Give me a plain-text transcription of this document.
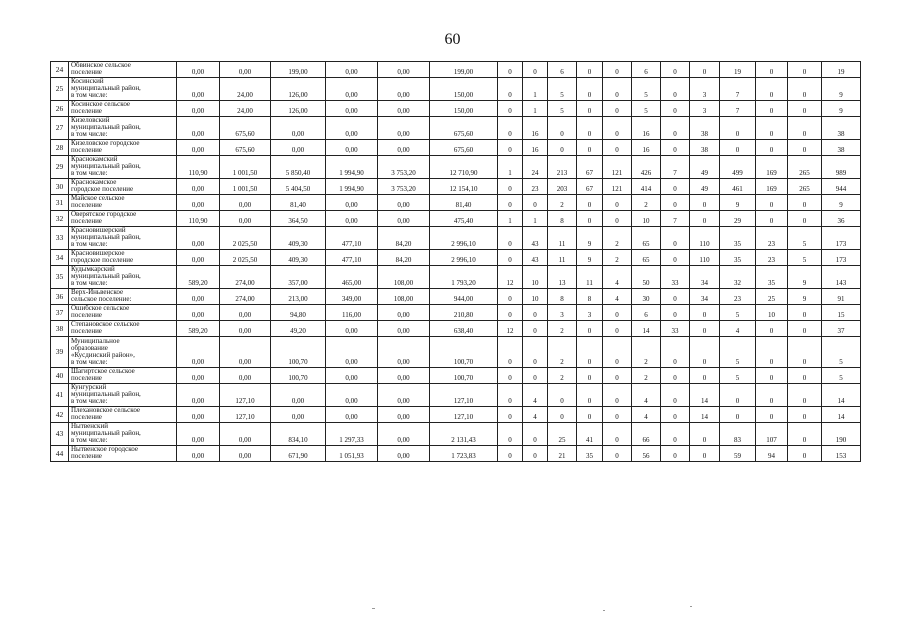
60
24	Обвинское сельское
поселение	0,00	0,00	199,00	0,00	0,00	199,00	0	0	6	0	0	6	0	0	19	0	0	19
25	Косинский
муниципальный район,
в том числе:	0,00	24,00	126,00	0,00	0,00	150,00	0	1	5	0	0	5	0	3	7	0	0	9
26	Косинское сельское
поселение	0,00	24,00	126,00	0,00	0,00	150,00	0	1	5	0	0	5	0	3	7	0	0	9
27	Кизеловский
муниципальный район,
в том числе:	0,00	675,60	0,00	0,00	0,00	675,60	0	16	0	0	0	16	0	38	0	0	0	38
28	Кизеловское городское
поселение	0,00	675,60	0,00	0,00	0,00	675,60	0	16	0	0	0	16	0	38	0	0	0	38
29	Краснокамский
муниципальный район,
в том числе:	110,90	1 001,50	5 850,40	1 994,90	3 753,20	12 710,90	1	24	213	67	121	426	7	49	499	169	265	989
30	Краснокамское
городское поселение	0,00	1 001,50	5 404,50	1 994,90	3 753,20	12 154,10	0	23	203	67	121	414	0	49	461	169	265	944
31	Майское сельское
поселение	0,00	0,00	81,40	0,00	0,00	81,40	0	0	2	0	0	2	0	0	9	0	0	9
32	Оверятское городское
поселение	110,90	0,00	364,50	0,00	0,00	475,40	1	1	8	0	0	10	7	0	29	0	0	36
33	Красновишерский
муниципальный район,
в том числе:	0,00	2 025,50	409,30	477,10	84,20	2 996,10	0	43	11	9	2	65	0	110	35	23	5	173
34	Красновишерское
городское поселение	0,00	2 025,50	409,30	477,10	84,20	2 996,10	0	43	11	9	2	65	0	110	35	23	5	173
35	Кудымкарский
муниципальный район,
в том числе:	589,20	274,00	357,00	465,00	108,00	1 793,20	12	10	13	11	4	50	33	34	32	35	9	143
36	Верх-Иньвенское
сельское поселение:	0,00	274,00	213,00	349,00	108,00	944,00	0	10	8	8	4	30	0	34	23	25	9	91
37	Ошибское сельское
поселение	0,00	0,00	94,80	116,00	0,00	210,80	0	0	3	3	0	6	0	0	5	10	0	15
38	Степановское сельское
поселение	589,20	0,00	49,20	0,00	0,00	638,40	12	0	2	0	0	14	33	0	4	0	0	37
39	Муниципальное
образование
«Кусдинский район»,
в том числе:	0,00	0,00	100,70	0,00	0,00	100,70	0	0	2	0	0	2	0	0	5	0	0	5
40	Шагиртское сельское
поселение	0,00	0,00	100,70	0,00	0,00	100,70	0	0	2	0	0	2	0	0	5	0	0	5
41	Кунгурский
муниципальный район,
в том числе:	0,00	127,10	0,00	0,00	0,00	127,10	0	4	0	0	0	4	0	14	0	0	0	14
42	Плехановское сельское
поселение	0,00	127,10	0,00	0,00	0,00	127,10	0	4	0	0	0	4	0	14	0	0	0	14
43	Нытвенский
муниципальный район,
в том числе:	0,00	0,00	834,10	1 297,33	0,00	2 131,43	0	0	25	41	0	66	0	0	83	107	0	190
44	Нытвенское городское
поселение	0,00	0,00	671,90	1 051,93	0,00	1 723,83	0	0	21	35	0	56	0	0	59	94	0	153
